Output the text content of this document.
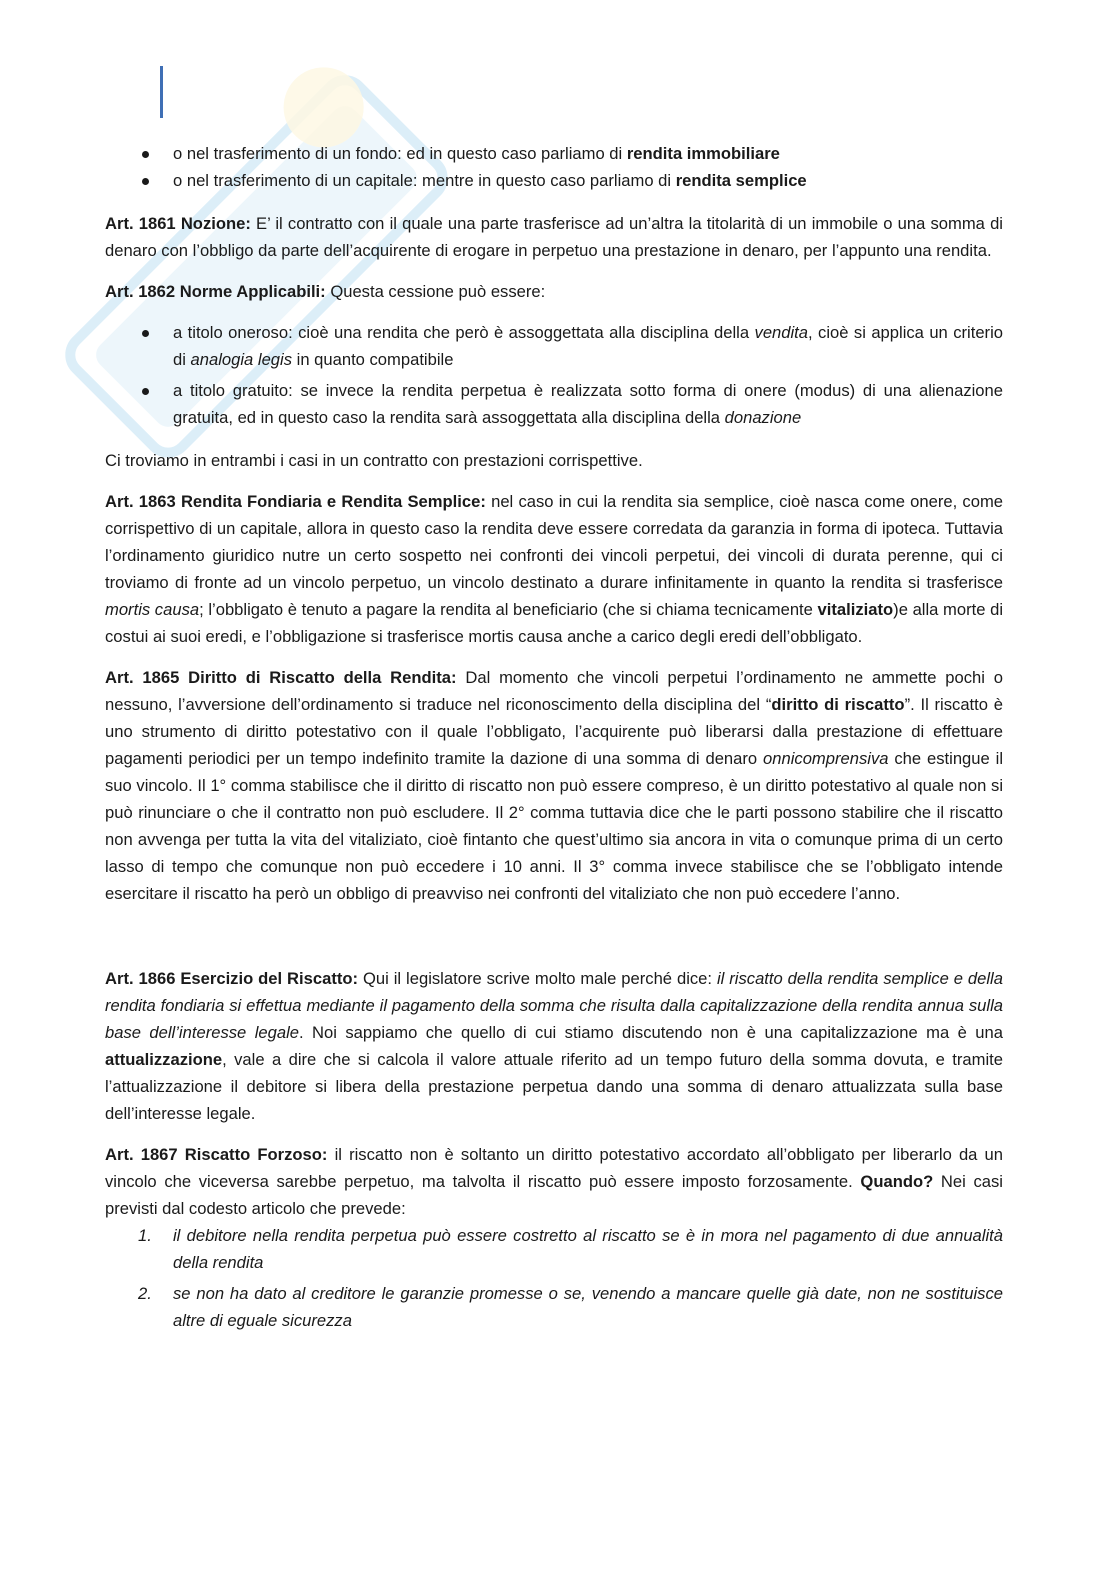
o nel trasferimento di un fondo: ed in questo caso parliamo di rendita immobiliare
o nel trasferimento di un capitale: mentre in questo caso parliamo di rendita semplice

Art. 1861 Nozione: E’ il contratto con il quale una parte trasferisce ad un’altra la titolarità di un immobile o una somma di denaro con l’obbligo da parte dell’acquirente di erogare in perpetuo una prestazione in denaro, per l’appunto una rendita.

Art. 1862 Norme Applicabili: Questa cessione può essere:

a titolo oneroso: cioè una rendita che però è assoggettata alla disciplina della vendita, cioè si applica un criterio di analogia legis in quanto compatibile
a titolo gratuito: se invece la rendita perpetua è realizzata sotto forma di onere (modus) di una alienazione gratuita, ed in questo caso la rendita sarà assoggettata alla disciplina della donazione

Ci troviamo in entrambi i casi in un contratto con prestazioni corrispettive.

Art. 1863 Rendita Fondiaria e Rendita Semplice: nel caso in cui la rendita sia semplice, cioè nasca come onere, come corrispettivo di un capitale, allora in questo caso la rendita deve essere corredata da garanzia in forma di ipoteca. Tuttavia l’ordinamento giuridico nutre un certo sospetto nei confronti dei vincoli perpetui, dei vincoli di durata perenne, qui ci troviamo di fronte ad un vincolo perpetuo, un vincolo destinato a durare infinitamente in quanto la rendita si trasferisce mortis causa; l’obbligato è tenuto a pagare la rendita al beneficiario (che si chiama tecnicamente vitaliziato)e alla morte di costui ai suoi eredi, e l’obbligazione si trasferisce mortis causa anche a carico degli eredi dell’obbligato.

Art. 1865 Diritto di Riscatto della Rendita: Dal momento che vincoli perpetui l’ordinamento ne ammette pochi o nessuno, l’avversione dell’ordinamento si traduce nel riconoscimento della disciplina del “diritto di riscatto”. Il riscatto è uno strumento di diritto potestativo con il quale l’obbligato, l’acquirente può liberarsi dalla prestazione di effettuare pagamenti periodici per un tempo indefinito tramite la dazione di una somma di denaro onnicomprensiva che estingue il suo vincolo. Il 1° comma stabilisce che il diritto di riscatto non può essere compreso, è un diritto potestativo al quale non si può rinunciare o che il contratto non può escludere. Il 2° comma tuttavia dice che le parti possono stabilire che il riscatto non avvenga per tutta la vita del vitaliziato, cioè fintanto che quest’ultimo sia ancora in vita o comunque prima di un certo lasso di tempo che comunque non può eccedere i 10 anni. Il 3° comma invece stabilisce che se l’obbligato intende esercitare il riscatto ha però un obbligo di preavviso nei confronti del vitaliziato che non può eccedere l’anno.

Art. 1866 Esercizio del Riscatto: Qui il legislatore scrive molto male perché dice: il riscatto della rendita semplice e della rendita fondiaria si effettua mediante il pagamento della somma che risulta dalla capitalizzazione della rendita annua sulla base dell’interesse legale. Noi sappiamo che quello di cui stiamo discutendo non è una capitalizzazione ma è una attualizzazione, vale a dire che si calcola il valore attuale riferito ad un tempo futuro della somma dovuta, e tramite l’attualizzazione il debitore si libera della prestazione perpetua dando una somma di denaro attualizzata sulla base dell’interesse legale.

Art. 1867 Riscatto Forzoso: il riscatto non è soltanto un diritto potestativo accordato all’obbligato per liberarlo da un vincolo che viceversa sarebbe perpetuo, ma talvolta il riscatto può essere imposto forzosamente. Quando? Nei casi previsti dal codesto articolo che prevede:

1. il debitore nella rendita perpetua può essere costretto al riscatto se è in mora nel pagamento di due annualità della rendita
2. se non ha dato al creditore le garanzie promesse o se, venendo a mancare quelle già date, non ne sostituisce altre di eguale sicurezza
